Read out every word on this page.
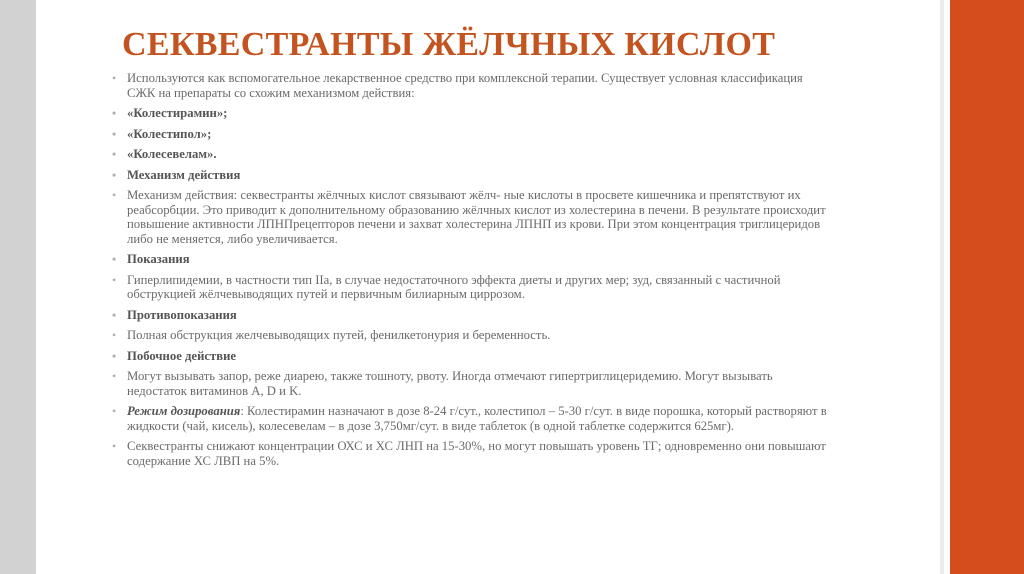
СЕКВЕСТРАНТЫ ЖЁЛЧНЫХ КИСЛОТ
• Используются как вспомогательное лекарственное средство при комплексной терапии. Существует условная классификация СЖК на препараты со схожим механизмом действия:
• «Колестирамин»;
• «Колестипол»;
• «Колесевелам».
• Механизм действия
• Механизм действия: секвестранты жёлчных кислот связывают жёлч- ные кислоты в просвете кишечника и препятствуют их реабсорбции. Это приводит к дополнительному образованию жёлчных кислот из холестерина в печени. В результате происходит повышение активности ЛПНПрецепторов печени и захват холестерина ЛПНП из крови. При этом концентрация триглицеридов либо не меняется, либо увеличивается.
• Показания
• Гиперлипидемии, в частности тип IIa, в случае недостаточного эффекта диеты и других мер; зуд, связанный с частичной обструкцией жёлчевыводящих путей и первичным билиарным циррозом.
• Противопоказания
• Полная обструкция желчевыводящих путей, фенилкетонурия и беременность.
• Побочное действие
• Могут вызывать запор, реже диарею, также тошноту, рвоту. Иногда отмечают гипертриглицеридемию. Могут вызывать недостаток витаминов A, D и K.
• Режим дозирования: Колестирамин назначают в дозе 8-24 г/сут., колестипол – 5-30 г/сут. в виде порошка, который растворяют в жидкости (чай, кисель), колесевелам – в дозе 3,750мг/сут. в виде таблеток (в одной таблетке содержится 625мг).
• Секвестранты снижают концентрации ОХС и ХС ЛНП на 15-30%, но могут повышать уровень ТГ; одновременно они повышают содержание ХС ЛВП на 5%.
